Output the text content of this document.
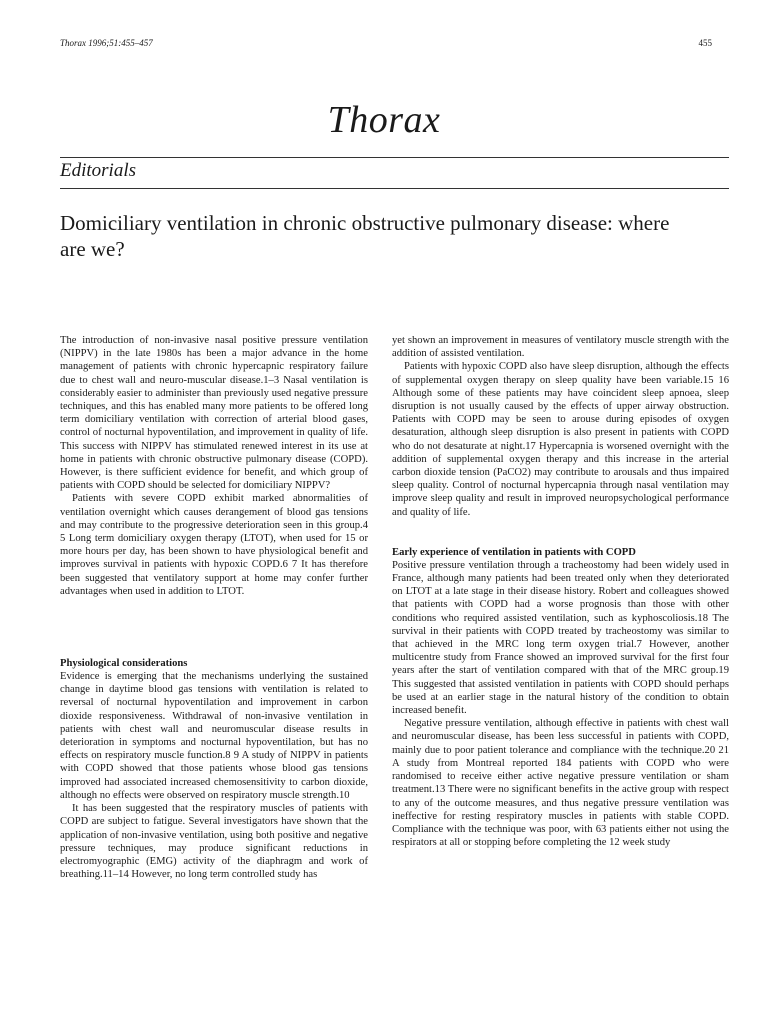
Thorax 1996;51:455–457	455
Thorax
Editorials
Domiciliary ventilation in chronic obstructive pulmonary disease: where are we?

The introduction of non-invasive nasal positive pressure ventilation (NIPPV) in the late 1980s has been a major advance in the home management of patients with chronic hypercapnic respiratory failure due to chest wall and neuro-muscular disease.1–3 Nasal ventilation is considerably easier to administer than previously used negative pressure techniques, and this has enabled many more patients to be offered long term domiciliary ventilation with correction of arterial blood gases, control of nocturnal hypoventilation, and improvement in quality of life. This success with NIPPV has stimulated renewed interest in its use at home in patients with chronic obstructive pulmonary disease (COPD). However, is there sufficient evidence for benefit, and which group of patients with COPD should be selected for domiciliary NIPPV?

Patients with severe COPD exhibit marked abnormalities of ventilation overnight which causes derangement of blood gas tensions and may contribute to the progressive deterioration seen in this group.4 5 Long term domiciliary oxygen therapy (LTOT), when used for 15 or more hours per day, has been shown to have physiological benefit and improves survival in patients with hypoxic COPD.6 7 It has therefore been suggested that ventilatory support at home may confer further advantages when used in addition to LTOT.

Physiological considerations

Evidence is emerging that the mechanisms underlying the sustained change in daytime blood gas tensions with ventilation is related to reversal of nocturnal hypoventilation and improvement in carbon dioxide responsiveness. Withdrawal of non-invasive ventilation in patients with chest wall and neuromuscular disease results in deterioration in symptoms and nocturnal hypoventilation, but has no effects on respiratory muscle function.8 9 A study of NIPPV in patients with COPD showed that those patients whose blood gas tensions improved had associated increased chemosensitivity to carbon dioxide, although no effects were observed on respiratory muscle strength.10

It has been suggested that the respiratory muscles of patients with COPD are subject to fatigue. Several investigators have shown that the application of non-invasive ventilation, using both positive and negative pressure techniques, may produce significant reductions in electromyographic (EMG) activity of the diaphragm and work of breathing.11–14 However, no long term controlled study has

yet shown an improvement in measures of ventilatory muscle strength with the addition of assisted ventilation.

Patients with hypoxic COPD also have sleep disruption, although the effects of supplemental oxygen therapy on sleep quality have been variable.15 16 Although some of these patients may have coincident sleep apnoea, sleep disruption is not usually caused by the effects of upper airway obstruction. Patients with COPD may be seen to arouse during episodes of oxygen desaturation, although sleep disruption is also present in patients with COPD who do not desaturate at night.17 Hypercapnia is worsened overnight with the addition of supplemental oxygen therapy and this increase in the arterial carbon dioxide tension (PaCO2) may contribute to arousals and thus impaired sleep quality. Control of nocturnal hypercapnia through nasal ventilation may improve sleep quality and result in improved neuropsychological performance and quality of life.

Early experience of ventilation in patients with COPD

Positive pressure ventilation through a tracheostomy had been widely used in France, although many patients had been treated only when they deteriorated on LTOT at a late stage in their disease history. Robert and colleagues showed that patients with COPD had a worse prognosis than those with other conditions who required assisted ventilation, such as kyphoscoliosis.18 The survival in their patients with COPD treated by tracheostomy was similar to that achieved in the MRC long term oxygen trial.7 However, another multicentre study from France showed an improved survival for the first four years after the start of ventilation compared with that of the MRC group.19 This suggested that assisted ventilation in patients with COPD should perhaps be used at an earlier stage in the natural history of the condition to obtain increased benefit.

Negative pressure ventilation, although effective in patients with chest wall and neuromuscular disease, has been less successful in patients with COPD, mainly due to poor patient tolerance and compliance with the technique.20 21 A study from Montreal reported 184 patients with COPD who were randomised to receive either active negative pressure ventilation or sham treatment.13 There were no significant benefits in the active group with respect to any of the outcome measures, and thus negative pressure ventilation was ineffective for resting respiratory muscles in patients with stable COPD. Compliance with the technique was poor, with 63 patients either not using the respirators at all or stopping before completing the 12 week study
